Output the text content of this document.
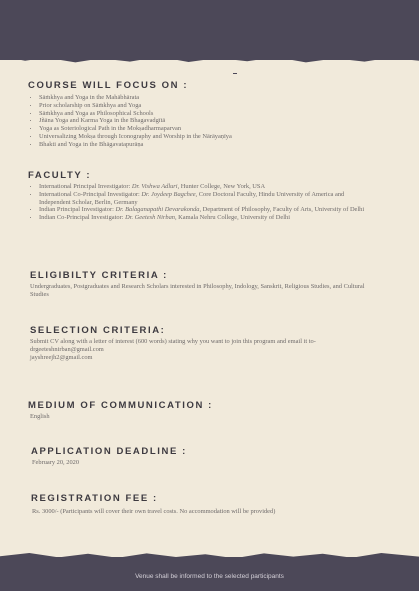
COURSE WILL FOCUS ON :
• Sāṁkhya and Yoga in the Mahābhārata
• Prior scholarship on Sāṁkhya and Yoga
• Sāṁkhya and Yoga as Philosophical Schools
• Jñāna Yoga and Karma Yoga in the Bhagavadgītā
• Yoga as Soteriological Path in the Mokṣadharmaparvan
• Universalizing Mokṣa through Iconography and Worship in the Nārāyaṇīya
• Bhakti and Yoga in the Bhāgavatapurāṇa
FACULTY :
• International Principal Investigator: Dr. Vishwa Adluri, Hunter College, New York, USA
• International Co-Principal Investigator: Dr. Joydeep Bagchee, Core Doctoral Faculty, Hindu University of America and Independent Scholar, Berlin, Germany
• Indian Principal Investigator: Dr. Balaganapathi Devarakonda, Department of Philosophy, Faculty of Arts, University of Delhi
• Indian Co-Principal Investigator: Dr. Geetesh Nirban, Kamala Nehru College, University of Delhi
ELIGIBILTY CRITERIA :

Undergraduates, Postgraduates and Research Scholars interested in Philosophy, Indology, Sanskrit, Religious Studies, and Cultural Studies

SELECTION CRITERIA:

Submit CV along with a letter of interest (600 words) stating why you want to join this program and email it to-
drgeeteshnirban@gmail.com
jayshreejh2@gmail.com

MEDIUM OF COMMUNICATION :

English

APPLICATION DEADLINE :

February 20, 2020

REGISTRATION FEE :

Rs. 3000/- (Participants will cover their own travel costs. No accommodation will be provided)

Venue shall be informed to the selected participants
